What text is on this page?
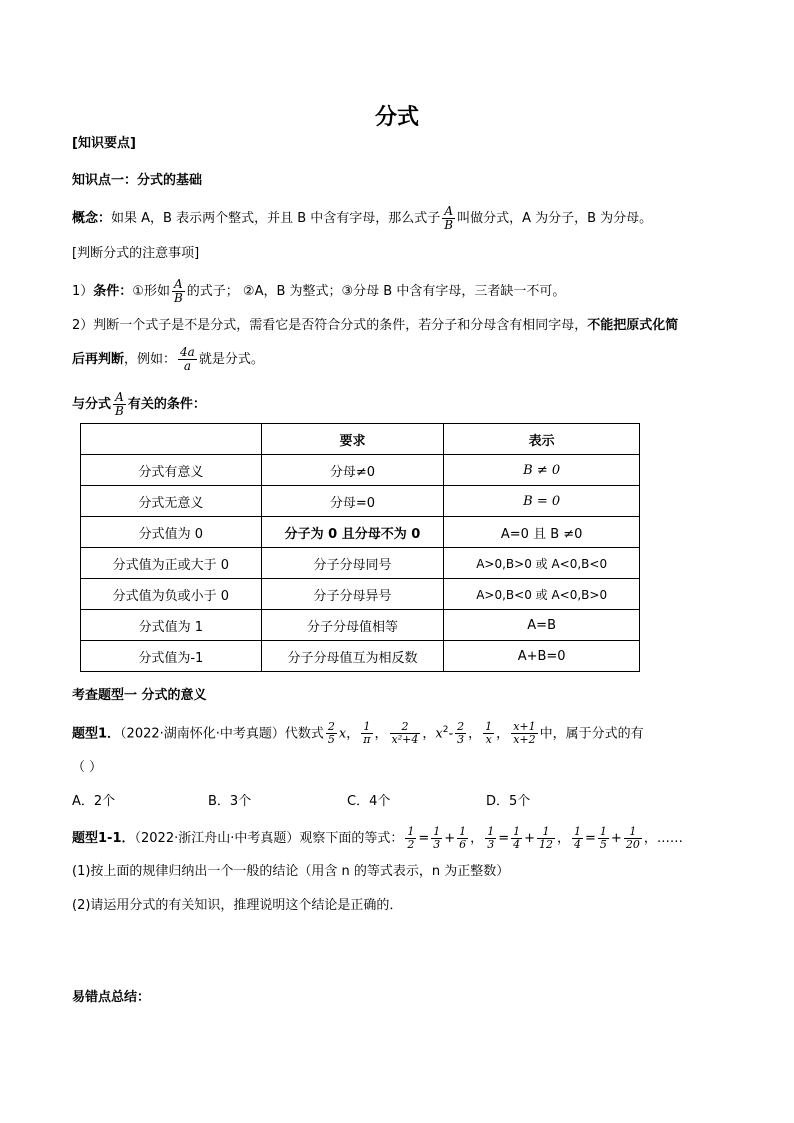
分式
[知识要点]
知识点一：分式的基础
概念：如果 A，B 表示两个整式，并且 B 中含有字母，那么式子 $\frac{A}{B}$ 叫做分式，A 为分子，B 为分母。
[判断分式的注意事项]
1）条件：①形如 $\frac{A}{B}$ 的式子； ②A，B 为整式；③分母 B 中含有字母，三者缺一不可。
2）判断一个式子是不是分式，需看它是否符合分式的条件，若分子和分母含有相同字母，不能把原式化简
后再判断，例如： $\frac{4a}{a}$ 就是分式。
与分式 $\frac{A}{B}$ 有关的条件：
	要求	表示
分式有意义	分母≠0	B ≠ 0
分式无意义	分母=0	B = 0
分式值为 0	分子为 0 且分母不为 0	A=0 且 B ≠0
分式值为正或大于 0	分子分母同号	A>0,B>0 或 A<0,B<0
分式值为负或小于 0	分子分母异号	A>0,B<0 或 A<0,B>0
分式值为 1	分子分母值相等	A=B
分式值为-1	分子分母值互为相反数	A+B=0
考查题型一 分式的意义
题型1．（2022·湖南怀化·中考真题）代数式 $\frac{2}{5}$ x， $\frac{1}{\pi}$ ， $\frac{2}{\text{x²+4}}$ ，$x^2- \frac{2}{3}$ ， $\frac{1}{x}$ ， $\frac{x+1}{x+2}$ 中，属于分式的有
（ ）
A．2个	B．3个	C．4个	D．5个
题型1-1．（2022·浙江舟山·中考真题）观察下面的等式： $\frac{1}{2} = \frac{1}{3} + \frac{1}{6}$ ， $\frac{1}{3} = \frac{1}{4} + \frac{1}{12}$ ， $\frac{1}{4} = \frac{1}{5} + \frac{1}{20}$ ，……
(1)按上面的规律归纳出一个一般的结论（用含 n 的等式表示，n 为正整数）
(2)请运用分式的有关知识，推理说明这个结论是正确的．
易错点总结：
